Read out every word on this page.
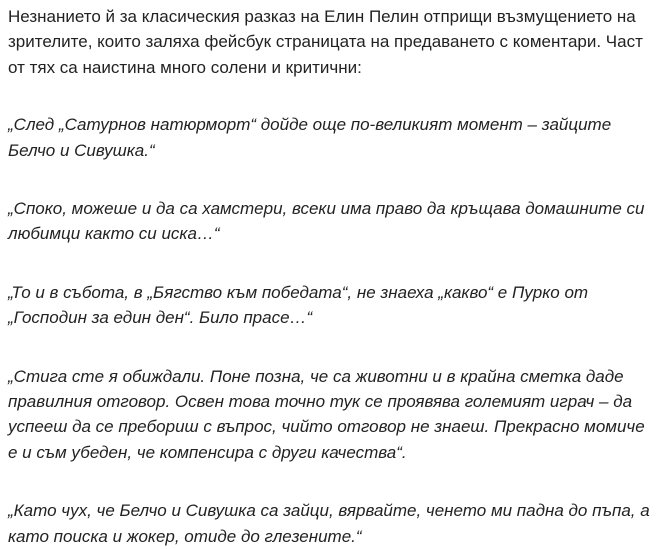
Незнанието й за класическия разказ на Елин Пелин отприщи възмущението на зрителите, които заляха фейсбук страницата на предаването с коментари. Част от тях са наистина много солени и критични:

„След „Сатурнов натюрморт“ дойде още по-великият момент – зайците Белчо и Сивушка.“

„Споко, можеше и да са хамстери, всеки има право да кръщава домашните си любимци както си иска…“

„То и в събота, в „Бягство към победата“, не знаеха „какво“ е Пурко от „Господин за един ден“. Било прасе…“

„Стига сте я обиждали. Поне позна, че са животни и в крайна сметка даде правилния отговор. Освен това точно тук се проявява големият играч – да успееш да се пребориш с въпрос, чийто отговор не знаеш. Прекрасно момиче е и съм убеден, че компенсира с други качества“.

„Като чух, че Белчо и Сивушка са зайци, вярвайте, ченето ми падна до пъпа, а като поиска и жокер, отиде до глезените.“
